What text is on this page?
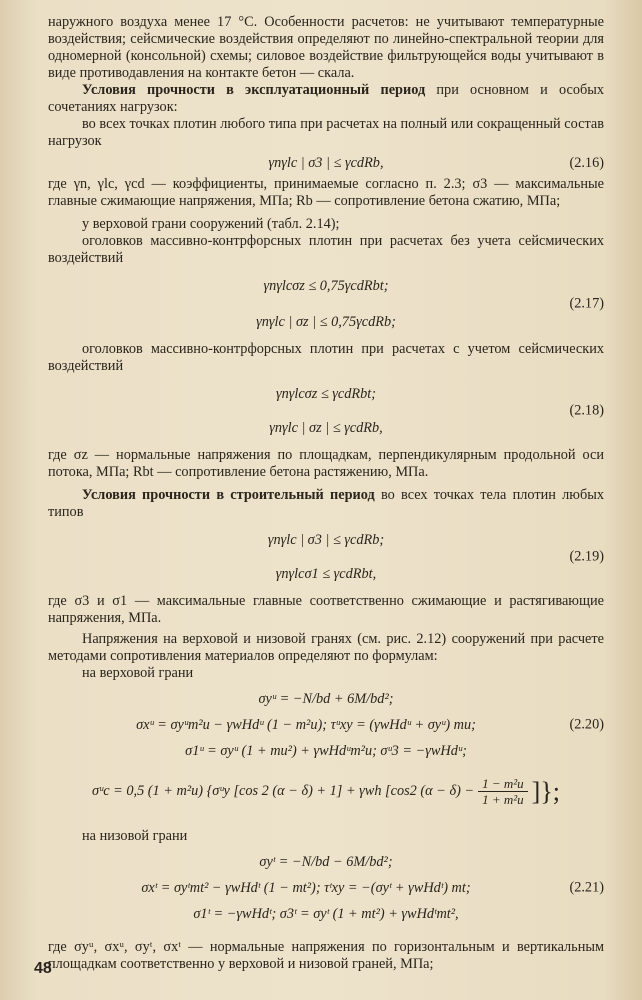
наружного воздуха менее 17 °С. Особенности расчетов: не учитывают температурные воздействия; сейсмические воздействия определяют по линейно-спектральной теории для одномерной (консольной) схемы; силовое воздействие фильтрующейся воды учитывают в виде противодавления на контакте бетон — скала.

Условия прочности в эксплуатационный период при основном и особых сочетаниях нагрузок:

во всех точках плотин любого типа при расчетах на полный или сокращенный состав нагрузок

γnγlc | σ3 | ≤ γcdRb,	(2.16)

где γn, γlc, γcd — коэффициенты, принимаемые согласно п. 2.3; σ3 — максимальные главные сжимающие напряжения, МПа; Rb — сопротивление бетона сжатию, МПа;

у верховой грани сооружений (табл. 2.14);

оголовков массивно-контрфорсных плотин при расчетах без учета сейсмических воздействий

γnγlcσz ≤ 0,75γcdRbt;
γnγlc | σz | ≤ 0,75γcdRb;
(2.17)

оголовков массивно-контрфорсных плотин при расчетах с учетом сейсмических воздействий

γnγlcσz ≤ γcdRbt;
γnγlc | σz | ≤ γcdRb,
(2.18)

где σz — нормальные напряжения по площадкам, перпендикулярным продольной оси потока, МПа; Rbt — сопротивление бетона растяжению, МПа.

Условия прочности в строительный период во всех точках тела плотин любых типов

γnγlc | σ3 | ≤ γcdRb;
γnγlcσ1 ≤ γcdRbt,
(2.19)

где σ3 и σ1 — максимальные главные соответственно сжимающие и растягивающие напряжения, МПа.

Напряжения на верховой и низовой гранях (см. рис. 2.12) сооружений при расчете методами сопротивления материалов определяют по формулам:

на верховой грани

σyᵘ = −N/bd + 6M/bd²;
σxᵘ = σyᵘm²u − γwHdᵘ (1 − m²u); τᵘxy = (γwHdᵘ + σyᵘ) mu;
σ1ᵘ = σyᵘ (1 + mu²) + γwHdᵘm²u; σᵘ3 = −γwHdᵘ;
(2.20)
σᵘc = 0,5 (1 + m²u) {σᵘy [cos 2 (α − δ) + 1] + γwh [cos2 $(\alpha - \delta) - \frac{\text{1 − m²u}}{\text{1 + m²u}}$ ]};

на низовой грани

σyᵗ = −N/bd − 6M/bd²;
σxᵗ = σyᵗmt² − γwHdᵗ (1 − mt²); τᵗxy = −(σyᵗ + γwHdᵗ) mt;
σ1ᵗ = −γwHdᵗ; σ3ᵗ = σyᵗ (1 + mt²) + γwHdᵗmt²,
(2.21)

где σyᵘ, σxᵘ, σyᵗ, σxᵗ — нормальные напряжения по горизонтальным и вертикальным площадкам соответственно у верховой и низовой граней, МПа;

48
